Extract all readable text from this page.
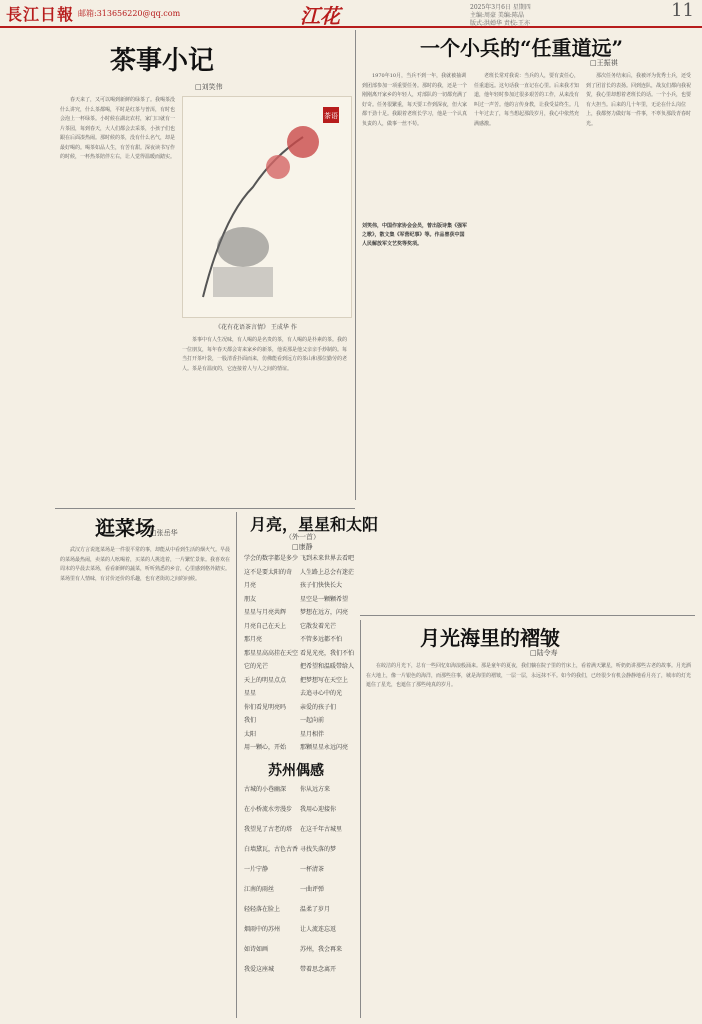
長江日報 邮箱:313656220@qq.com	江花	2025年3月6日 星期四
主编:周豪 美编:陈晶
版式:洪婵华 责校:王亦
11
茶事小记
□刘笑伟

春天来了，又可以喝到新鲜的绿茶了。我喝茶没什么讲究，什么茶都喝，平时是红茶与普洱，有时也会泡上一杯绿茶。小时候在湖北农村，家门口就有一片茶园，每到春天，大人们都会去采茶，小孩子们也跟在后面凑热闹。那时候的茶，没有什么名气，却是最好喝的。喝茶如品人生，有苦有甜。深夜读书写作的时候，一杯热茶陪伴左右，让人觉得温暖而踏实。

茶语
《花有花语茶言情》 王成华 作

茶事中有人生况味，有人喝的是名贵的茶，有人喝的是朴素的茶。我的一位朋友，每年春天都会寄来家乡的新茶，他说那是他父亲亲手炒制的。每当打开茶叶袋，一股清香扑面而来，仿佛能看到远方的茶山和那位勤劳的老人。茶是有温度的，它连接着人与人之间的情谊。

一个小兵的“任重道远”
□王振祺

1970年10月，当兵不到一年，我就被抽调到团部参加一项重要任务。那时的我，还是一个刚刚离开家乡的年轻人，对部队的一切都充满了好奇。任务很繁重，每天要工作到深夜，但大家都干劲十足。我跟着老班长学习，他是一个认真负责的人，做事一丝不苟。

老班长常对我说：当兵的人，要有责任心，任重道远。这句话我一直记在心里。后来我才知道，他年轻时参加过很多艰苦的工作，从来没有叫过一声苦。他的言传身教，让我受益终生。几十年过去了，每当想起那段岁月，我心中依然充满感激。

那次任务结束后，我被评为优秀士兵，还受到了团首长的表扬。回到连队，战友们都向我祝贺，我心里却想着老班长的话。一个小兵，也要有大担当。后来的几十年里，无论在什么岗位上，我都努力做好每一件事，不辜负那段青春时光。

刘笑伟，中国作家协会会员，曾出版诗集《强军之歌》，散文集《军营纪事》等。作品曾获中国人民解放军文艺奖等奖项。
逛菜场
□张岳华

武汉方言说逛菜场是一件很平常的事，却能从中看到生活的烟火气。早晨的菜场最热闹，卖菜的人吆喝着，买菜的人挑选着，一片繁忙景象。我喜欢在周末的早晨去菜场，看看新鲜的蔬菜，听听熟悉的乡音，心里感到格外踏实。菜场里有人情味，有讨价还价的乐趣，也有老街坊之间的问候。

月亮，星星和太阳
（外一首）
□康静
学会的数字都是多少
这不是要太阳的奇
月亮
朋友
星星与月亮共辉
月亮自己在天上
那月亮
那星星高高挂在天空
它的光芒
天上的明星点点
星星
你们看见明亮吗
我们
太阳
用一颗心，开始
飞到未来世界去看吧
人生路上总会有迷茫
孩子们快快长大
星空是一颗颗希望
梦想在远方，闪亮
它散发着光芒
不管多远都不怕
看见光亮，我们不怕
把希望和温暖带给人
把梦想写在天空上
去追寻心中的光
亲爱的孩子们
一起向前
星月相伴
那颗星星永远闪亮
苏州偶感
古城的小巷幽深
在小桥流水旁漫步
我望见了古老的塔
白墙黛瓦，古色古香
一片宁静
江南的雨丝
轻轻落在脸上
烟雨中的苏州
如诗如画
我爱这座城
你从远方来
我用心迎接你
在这千年古城里
寻找失落的梦
一杯清茶
一曲评弹
温柔了岁月
让人流连忘返
苏州，我会再来
带着思念离开
月光海里的褶皱
□陆令寿

在皎洁的月光下，总有一些回忆如海浪般涌来。那是童年的夏夜，我们躺在院子里的竹床上，看着满天繁星，听奶奶讲那些古老的故事。月光洒在大地上，像一片银色的海洋，而那些往事，就是海里的褶皱，一层一层，永远抹不平。如今的我们，已经很少有机会静静地看月亮了，城市的灯光遮住了星光，也遮住了那些纯真的岁月。
